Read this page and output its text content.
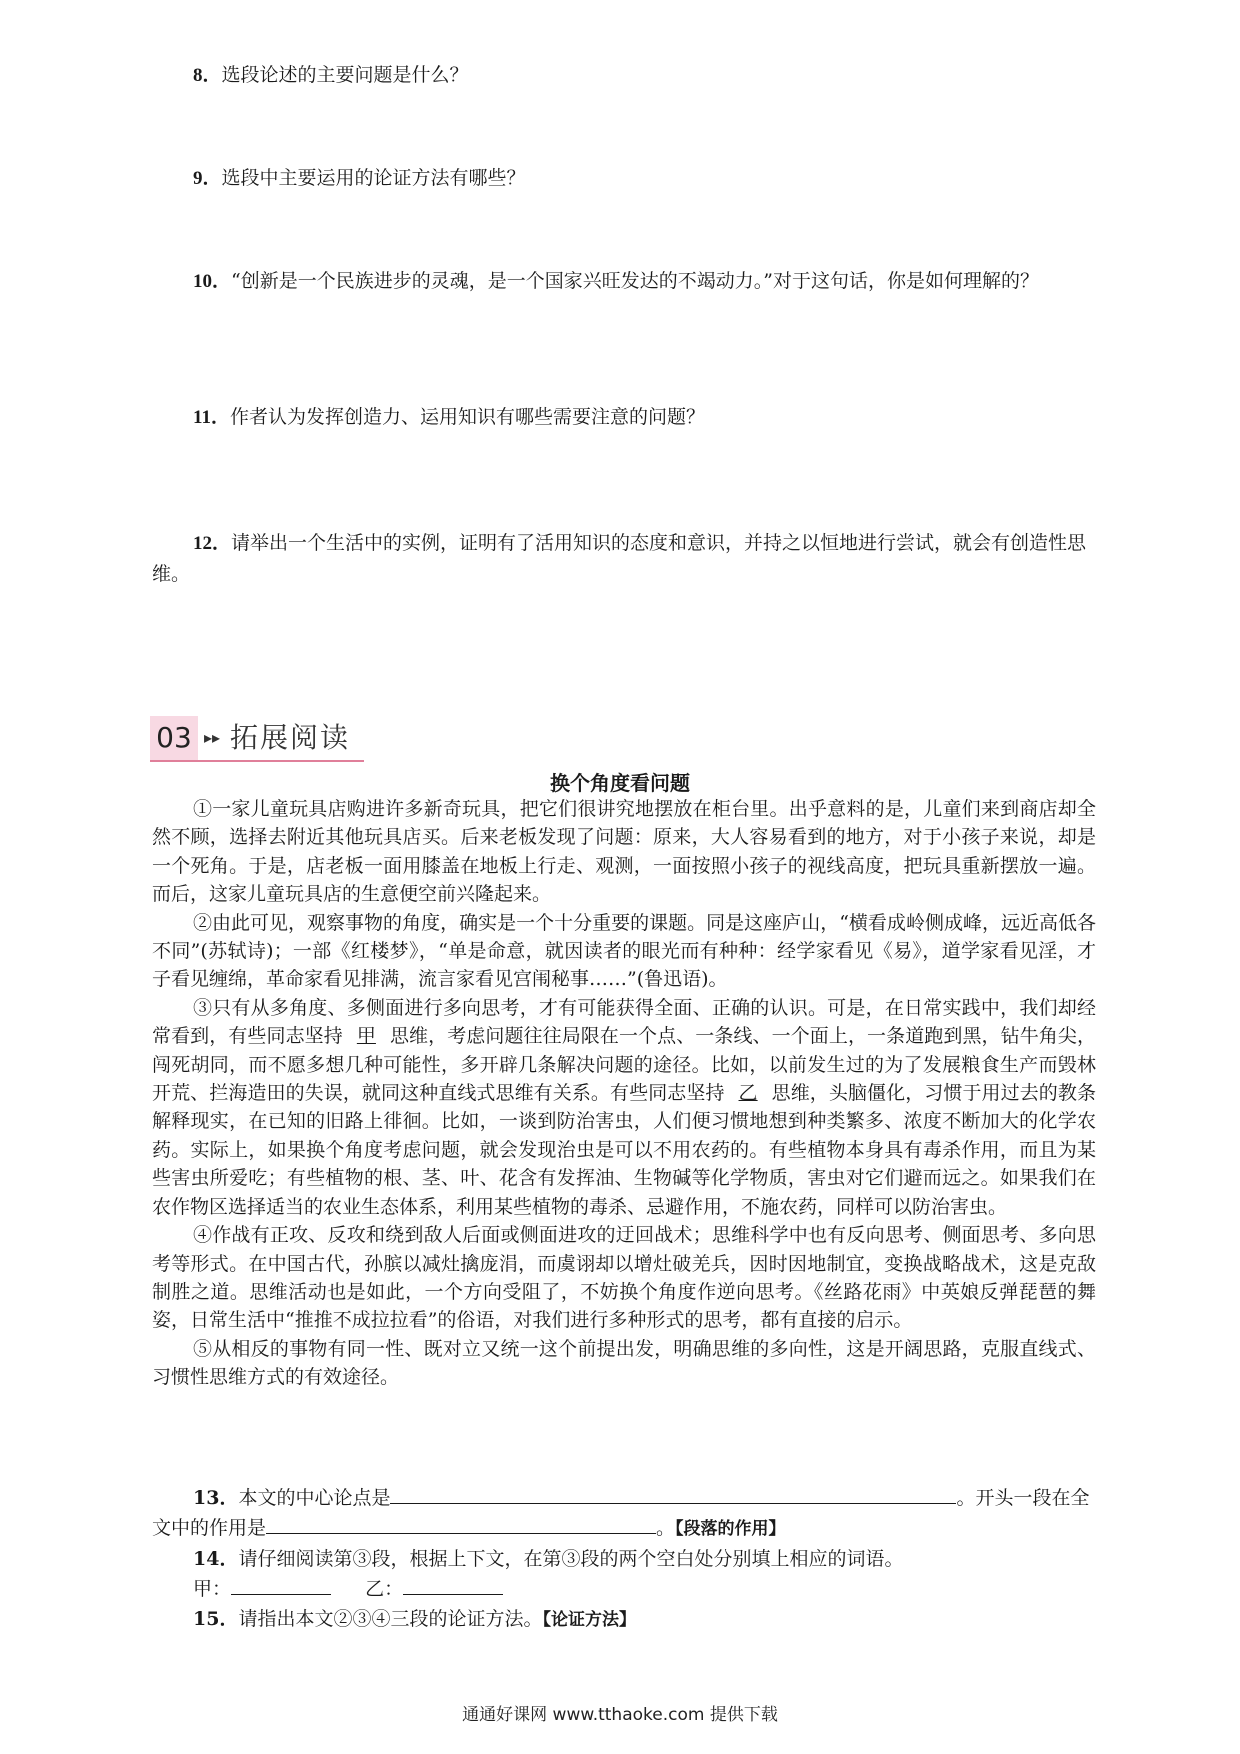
8．选段论述的主要问题是什么？
9．选段中主要运用的论证方法有哪些？
10．“创新是一个民族进步的灵魂，是一个国家兴旺发达的不竭动力。”对于这句话，你是如何理解的？
11．作者认为发挥创造力、运用知识有哪些需要注意的问题？
12．请举出一个生活中的实例，证明有了活用知识的态度和意识，并持之以恒地进行尝试，就会有创造性思维。
03 ▸▸ 拓展阅读
换个角度看问题

①一家儿童玩具店购进许多新奇玩具，把它们很讲究地摆放在柜台里。出乎意料的是，儿童们来到商店却全然不顾，选择去附近其他玩具店买。后来老板发现了问题：原来，大人容易看到的地方，对于小孩子来说，却是一个死角。于是，店老板一面用膝盖在地板上行走、观测，一面按照小孩子的视线高度，把玩具重新摆放一遍。而后，这家儿童玩具店的生意便空前兴隆起来。

②由此可见，观察事物的角度，确实是一个十分重要的课题。同是这座庐山，“横看成岭侧成峰，远近高低各不同”(苏轼诗)；一部《红楼梦》，“单是命意，就因读者的眼光而有种种：经学家看见《易》，道学家看见淫，才子看见缠绵，革命家看见排满，流言家看见宫闱秘事……”(鲁迅语)。

③只有从多角度、多侧面进行多向思考，才有可能获得全面、正确的认识。可是，在日常实践中，我们却经常看到，有些同志坚持 甲 思维，考虑问题往往局限在一个点、一条线、一个面上，一条道跑到黑，钻牛角尖，闯死胡同，而不愿多想几种可能性，多开辟几条解决问题的途径。比如，以前发生过的为了发展粮食生产而毁林开荒、拦海造田的失误，就同这种直线式思维有关系。有些同志坚持 乙 思维，头脑僵化，习惯于用过去的教条解释现实，在已知的旧路上徘徊。比如，一谈到防治害虫，人们便习惯地想到种类繁多、浓度不断加大的化学农药。实际上，如果换个角度考虑问题，就会发现治虫是可以不用农药的。有些植物本身具有毒杀作用，而且为某些害虫所爱吃；有些植物的根、茎、叶、花含有发挥油、生物碱等化学物质，害虫对它们避而远之。如果我们在农作物区选择适当的农业生态体系，利用某些植物的毒杀、忌避作用，不施农药，同样可以防治害虫。

④作战有正攻、反攻和绕到敌人后面或侧面进攻的迂回战术；思维科学中也有反向思考、侧面思考、多向思考等形式。在中国古代，孙膑以减灶擒庞涓，而虞诩却以增灶破羌兵，因时因地制宜，变换战略战术，这是克敌制胜之道。思维活动也是如此，一个方向受阻了，不妨换个角度作逆向思考。《丝路花雨》中英娘反弹琵琶的舞姿，日常生活中“推推不成拉拉看”的俗语，对我们进行多种形式的思考，都有直接的启示。

⑤从相反的事物有同一性、既对立又统一这个前提出发，明确思维的多向性，这是开阔思路，克服直线式、习惯性思维方式的有效途径。

13．本文的中心论点是	。开头一段在全文中的作用是	。【段落的作用】

14．请仔细阅读第③段，根据上下文，在第③段的两个空白处分别填上相应的词语。

甲：	乙：

15．请指出本文②③④三段的论证方法。【论证方法】

通通好课网 www.tthaoke.com 提供下载
